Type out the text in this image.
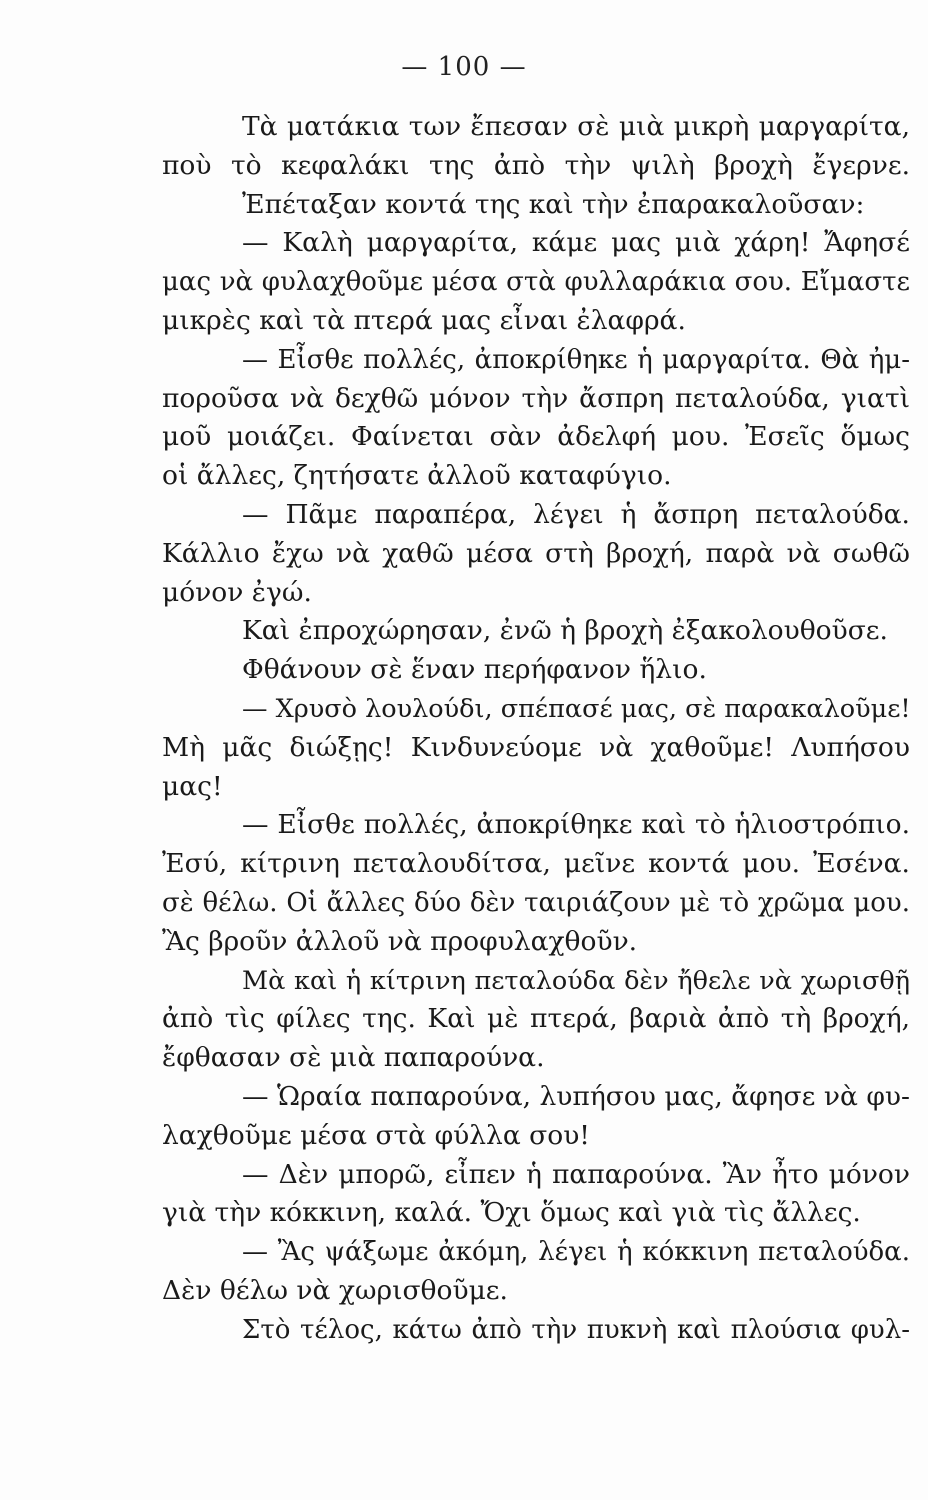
— 100 —
Τὰ ματάκια των ἔπεσαν σὲ μιὰ μικρὴ μαργαρίτα,
ποὺ τὸ κεφαλάκι της ἀπὸ τὴν ψιλὴ βροχὴ ἔγερνε.
Ἐπέταξαν κοντά της καὶ τὴν ἐπαρακαλοῦσαν:
— Καλὴ μαργαρίτα, κάμε μας μιὰ χάρη! Ἄφησέ
μας νὰ φυλαχθοῦμε μέσα στὰ φυλλαράκια σου. Εἴμαστε
μικρὲς καὶ τὰ πτερά μας εἶναι ἐλαφρά.
— Εἶσθε πολλές, ἀποκρίθηκε ἡ μαργαρίτα. Θὰ ἠμ-
ποροῦσα νὰ δεχθῶ μόνον τὴν ἄσπρη πεταλούδα, γιατὶ
μοῦ μοιάζει. Φαίνεται σὰν ἀδελφή μου. Ἐσεῖς ὅμως
οἱ ἄλλες, ζητήσατε ἀλλοῦ καταφύγιο.
— Πᾶμε παραπέρα, λέγει ἡ ἄσπρη πεταλούδα.
Κάλλιο ἔχω νὰ χαθῶ μέσα στὴ βροχή, παρὰ νὰ σωθῶ
μόνον ἐγώ.
Καὶ ἐπροχώρησαν, ἐνῶ ἡ βροχὴ ἐξακολουθοῦσε.
Φθάνουν σὲ ἕναν περήφανον ἥλιο.
— Χρυσὸ λουλούδι, σπέπασέ μας, σὲ παρακαλοῦμε!
Μὴ μᾶς διώξῃς! Κινδυνεύομε νὰ χαθοῦμε! Λυπήσου
μας!
— Εἶσθε πολλές, ἀποκρίθηκε καὶ τὸ ἡλιοστρόπιο.
Ἐσύ, κίτρινη πεταλουδίτσα, μεῖνε κοντά μου. Ἐσένα.
σὲ θέλω. Οἱ ἄλλες δύο δὲν ταιριάζουν μὲ τὸ χρῶμα μου.
Ἂς βροῦν ἀλλοῦ νὰ προφυλαχθοῦν.
Μὰ καὶ ἡ κίτρινη πεταλούδα δὲν ἤθελε νὰ χωρισθῇ
ἀπὸ τὶς φίλες της. Καὶ μὲ πτερά, βαριὰ ἀπὸ τὴ βροχή,
ἔφθασαν σὲ μιὰ παπαρούνα.
— Ὡραία παπαρούνα, λυπήσου μας, ἄφησε νὰ φυ-
λαχθοῦμε μέσα στὰ φύλλα σου!
— Δὲν μπορῶ, εἶπεν ἡ παπαρούνα. Ἂν ἦτο μόνον
γιὰ τὴν κόκκινη, καλά. Ὄχι ὅμως καὶ γιὰ τὶς ἄλλες.
— Ἂς ψάξωμε ἀκόμη, λέγει ἡ κόκκινη πεταλούδα.
Δὲν θέλω νὰ χωρισθοῦμε.
Στὸ τέλος, κάτω ἀπὸ τὴν πυκνὴ καὶ πλούσια φυλ-
